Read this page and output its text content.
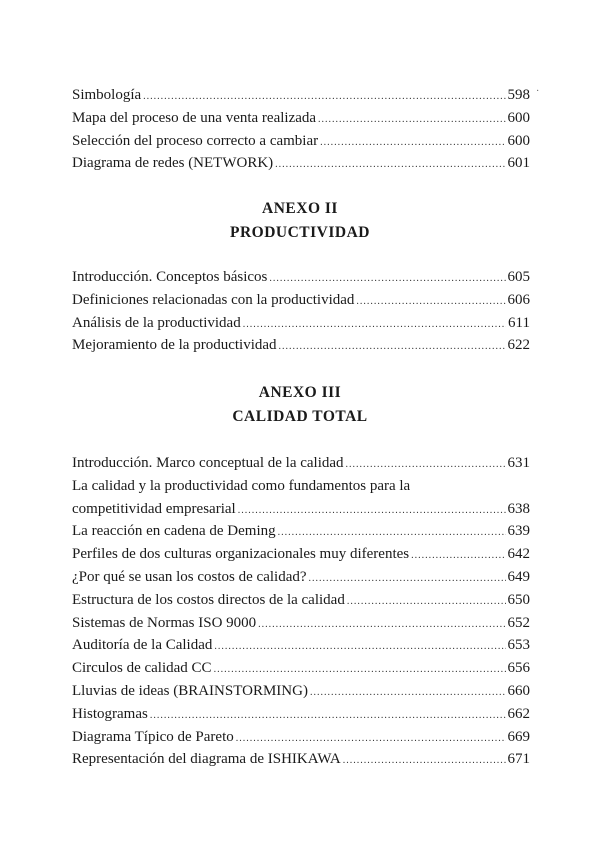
·
Simbología .....	598
Mapa del proceso de una venta realizada .....	600
Selección del proceso correcto a cambiar .....	600
Diagrama de redes (NETWORK) .....	601
ANEXO II
PRODUCTIVIDAD
Introducción. Conceptos básicos .....	605
Definiciones relacionadas con la productividad .....	606
Análisis de la productividad .....	611
Mejoramiento de la productividad .....	622
ANEXO III
CALIDAD TOTAL
Introducción. Marco conceptual de la calidad .....	631
La calidad y la productividad como fundamentos para la
competitividad empresarial .....	638
La reacción en cadena de Deming .....	639
Perfiles de dos culturas organizacionales muy diferentes .....	642
¿Por qué se usan los costos de calidad? .....	649
Estructura de los costos directos de la calidad .....	650
Sistemas de Normas ISO 9000 .....	652
Auditoría de la Calidad .....	653
Circulos de calidad CC .....	656
Lluvias de ideas (BRAINSTORMING) .....	660
Histogramas .....	662
Diagrama Típico de Pareto .....	669
Representación del diagrama de ISHIKAWA .....	671
